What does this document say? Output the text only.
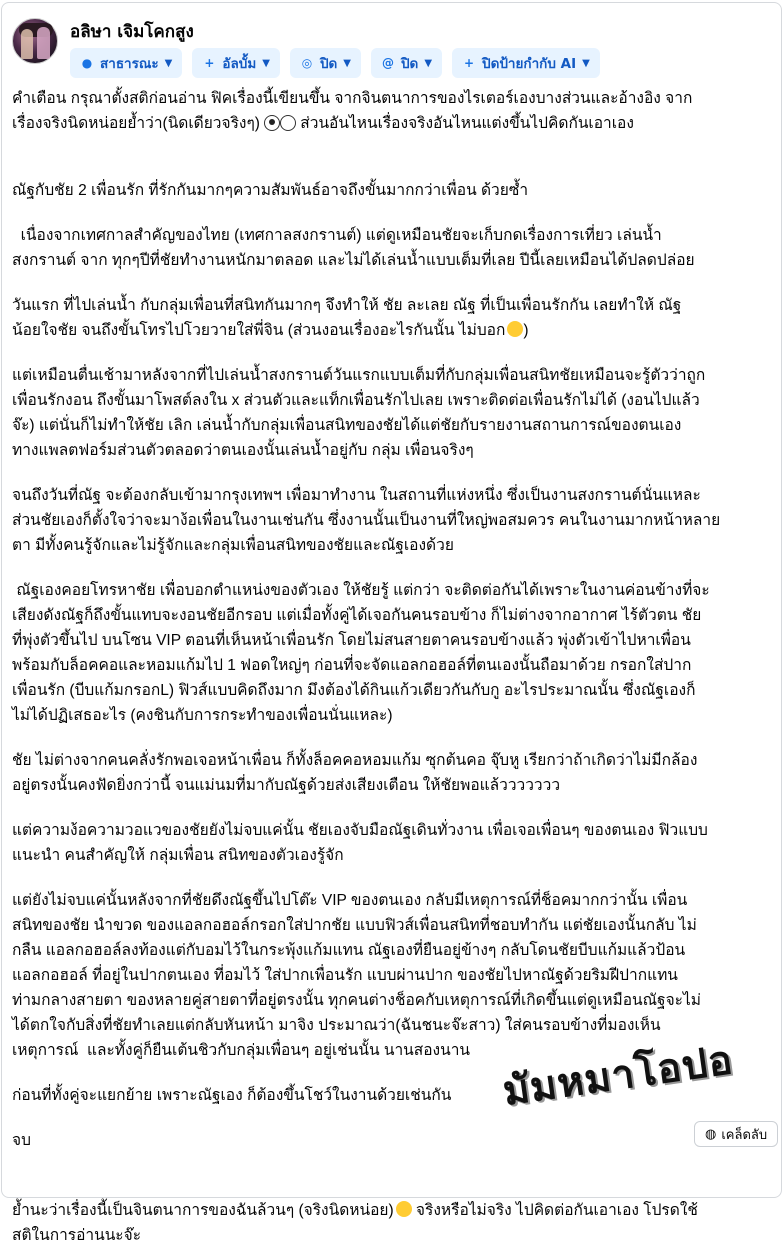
อลิษา เจิมโคกสูง
● สาธารณะ ▼	+ อัลบั้ม ▼	◎ ปิด ▼	@ ปิด ▼	+ ปิดป้ายกำกับ AI ▼
คำเตือน กรุณาตั้งสติก่อนอ่าน ฟิคเรื่องนี้เขียนขึ้น จากจินตนาการของไรเตอร์เองบางส่วนและอ้างอิง จาก
เรื่องจริงนิดหน่อยย้ำว่า(นิดเดียวจริงๆ)
ส่วนอันไหนเรื่องจริงอันไหนแต่งขึ้นไปคิดกันเอาเอง
ณัฐกับชัย 2 เพื่อนรัก ที่รักกันมากๆความสัมพันธ์อาจถึงขั้นมากกว่าเพื่อน ด้วยซ้ำ
เนื่องจากเทศกาลสำคัญของไทย (เทศกาลสงกรานต์) แต่ดูเหมือนชัยจะเก็บกดเรื่องการเที่ยว เล่นน้ำ
สงกรานต์ จาก ทุกๆปีที่ชัยทำงานหนักมาตลอด และไม่ได้เล่นน้ำแบบเต็มที่เลย ปีนี้เลยเหมือนได้ปลดปล่อย
วันแรก ที่ไปเล่นน้ำ กับกลุ่มเพื่อนที่สนิทกันมากๆ จึงทำให้ ชัย ละเลย ณัฐ ที่เป็นเพื่อนรักกัน เลยทำให้ ณัฐ
น้อยใจชัย จนถึงขั้นโทรไปโวยวายใส่พี่จิน (ส่วนงอนเรื่องอะไรกันนั้น ไม่บอก )
แต่เหมือนตื่นเช้ามาหลังจากที่ไปเล่นน้ำสงกรานต์วันแรกแบบเต็มที่กับกลุ่มเพื่อนสนิทชัยเหมือนจะรู้ตัวว่าถูก
เพื่อนรักงอน ถึงขั้นมาโพสต์ลงใน x ส่วนตัวและแท็กเพื่อนรักไปเลย เพราะติดต่อเพื่อนรักไม่ได้ (งอนไปแล้ว
จ๊ะ) แต่นั่นก็ไม่ทำให้ชัย เลิก เล่นน้ำกับกลุ่มเพื่อนสนิทของชัยได้แต่ชัยกับรายงานสถานการณ์ของตนเอง
ทางแพลตฟอร์มส่วนตัวตลอดว่าตนเองนั้นเล่นน้ำอยู่กับ กลุ่ม เพื่อนจริงๆ
จนถึงวันที่ณัฐ จะต้องกลับเข้ามากรุงเทพฯ เพื่อมาทำงาน ในสถานที่แห่งหนึ่ง ซึ่งเป็นงานสงกรานต์นั่นแหละ
ส่วนชัยเองก็ตั้งใจว่าจะมาง้อเพื่อนในงานเช่นกัน ซึ่งงานนั้นเป็นงานที่ใหญ่พอสมควร คนในงานมากหน้าหลาย
ตา มีทั้งคนรู้จักและไม่รู้จักและกลุ่มเพื่อนสนิทของชัยและณัฐเองด้วย
ณัฐเองคอยโทรหาชัย เพื่อบอกตำแหน่งของตัวเอง ให้ชัยรู้ แต่กว่า จะติดต่อกันได้เพราะในงานค่อนข้างที่จะ
เสียงดังณัฐก็ถึงขั้นแทบจะงอนชัยอีกรอบ แต่เมื่อทั้งคู่ได้เจอกันคนรอบข้าง ก็ไม่ต่างจากอากาศ ไร้ตัวตน ชัย
ที่พุ่งตัวขึ้นไป บนโซน VIP ตอนที่เห็นหน้าเพื่อนรัก โดยไม่สนสายตาคนรอบข้างแล้ว พุ่งตัวเข้าไปหาเพื่อน
พร้อมกับล็อคคอและหอมแก้มไป 1 ฟอดใหญ่ๆ ก่อนที่จะจัดแอลกอฮอล์ที่ตนเองนั้นถือมาด้วย กรอกใส่ปาก
เพื่อนรัก (บีบแก้มกรอกL) ฟิวส์แบบคิดถึงมาก มึงต้องได้กินแก้วเดียวกันกับกู อะไรประมาณนั้น ซึ่งณัฐเองก็
ไม่ได้ปฏิเสธอะไร (คงชินกับการกระทำของเพื่อนนั่นแหละ)
ชัย ไม่ต่างจากคนคลั่งรักพอเจอหน้าเพื่อน ก็ทั้งล็อคคอหอมแก้ม ซุกต้นคอ จุ๊บหู เรียกว่าถ้าเกิดว่าไม่มีกล้อง
อยู่ตรงนั้นคงฟัดยิ่งกว่านี้ จนแม่นมที่มากับณัฐด้วยส่งเสียงเตือน ให้ชัยพอแล้ววววววว
แต่ความง้อความวอแวของชัยยังไม่จบแค่นั้น ชัยเองจับมือณัฐเดินทั่วงาน เพื่อเจอเพื่อนๆ ของตนเอง ฟิวแบบ
แนะนำ คนสำคัญให้ กลุ่มเพื่อน สนิทของตัวเองรู้จัก
แต่ยังไม่จบแค่นั้นหลังจากที่ชัยดึงณัฐขึ้นไปโต๊ะ VIP ของตนเอง กลับมีเหตุการณ์ที่ช็อคมากกว่านั้น เพื่อน
สนิทของชัย นำขวด ของแอลกอฮอล์กรอกใส่ปากชัย แบบฟิวส์เพื่อนสนิทที่ชอบทำกัน แต่ชัยเองนั้นกลับ ไม่
กลืน แอลกอฮอล์ลงท้องแต่กับอมไว้ในกระพุ้งแก้มแทน ณัฐเองที่ยืนอยู่ข้างๆ กลับโดนชัยบีบแก้มแล้วป้อน
แอลกอฮอล์ ที่อยู่ในปากตนเอง ที่อมไว้ ใส่ปากเพื่อนรัก แบบผ่านปาก ของชัยไปหาณัฐด้วยริมฝีปากแทน
ท่ามกลางสายตา ของหลายคู่สายตาที่อยู่ตรงนั้น ทุกคนต่างช็อคกับเหตุการณ์ที่เกิดขึ้นแต่ดูเหมือนณัฐจะไม่
ได้ตกใจกับสิ่งที่ชัยทำเลยแต่กลับหันหน้า มาจิง ประมาณว่า(ฉันชนะจ๊ะสาว) ใส่คนรอบข้างที่มองเห็น
เหตุการณ์  และทั้งคู่ก็ยืนเต้นชิวกับกลุ่มเพื่อนๆ อยู่เช่นนั้น นานสองนาน
ก่อนที่ทั้งคู่จะแยกย้าย เพราะณัฐเอง ก็ต้องขึ้นโชว์ในงานด้วยเช่นกัน
จบ
ย้ำนะว่าเรื่องนี้เป็นจินตนาการของฉันล้วนๆ (จริงนิดหน่อย) จริงหรือไม่จริง ไปคิดต่อกันเอาเอง โปรดใช้
สติในการอ่านนะจ๊ะ
มัมหมาโอปอ
◍ เคล็ดลับ
